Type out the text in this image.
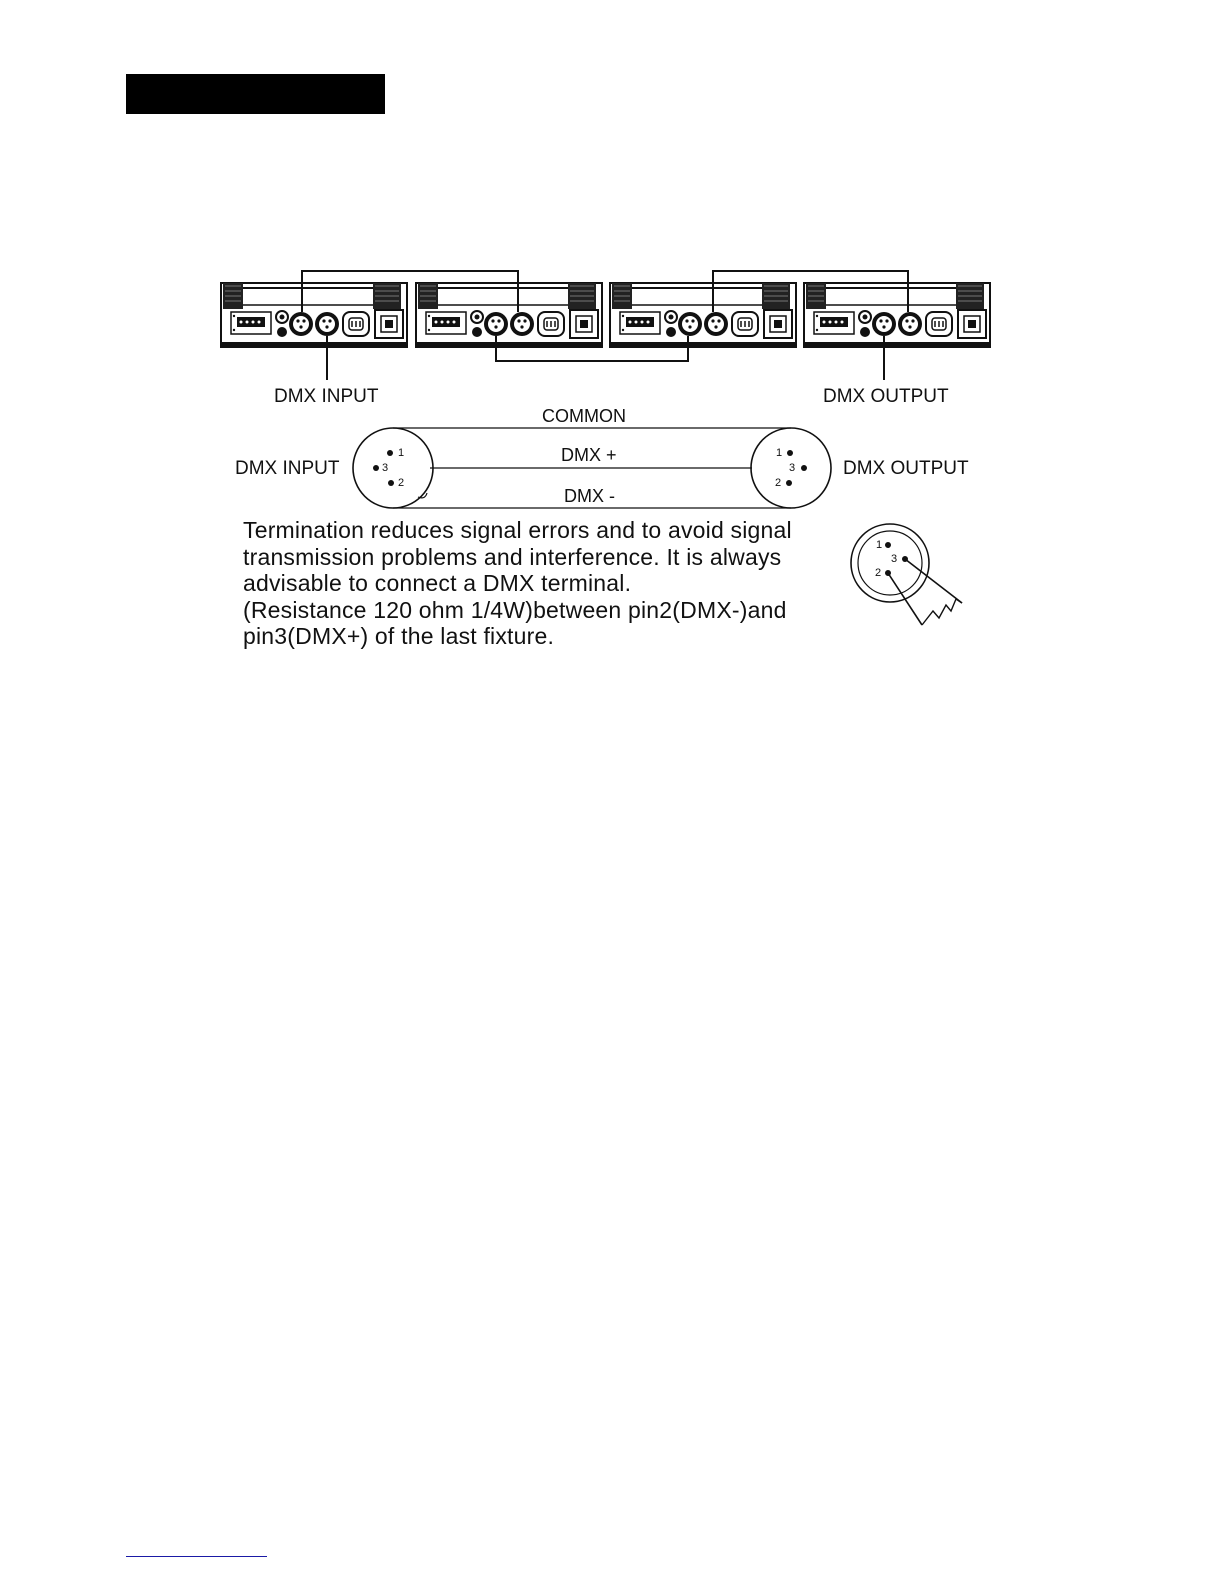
DMX INPUT	DMX OUTPUT
COMMON
DMX +
DMX -
DMX INPUT	DMX OUTPUT
1
3
2
1
3
2
1
3
2
Termination reduces signal errors and to avoid signal
transmission problems and interference. It is always
advisable to connect a DMX terminal.
(Resistance 120 ohm 1/4W)between pin2(DMX-)and
pin3(DMX+) of the last fixture.
